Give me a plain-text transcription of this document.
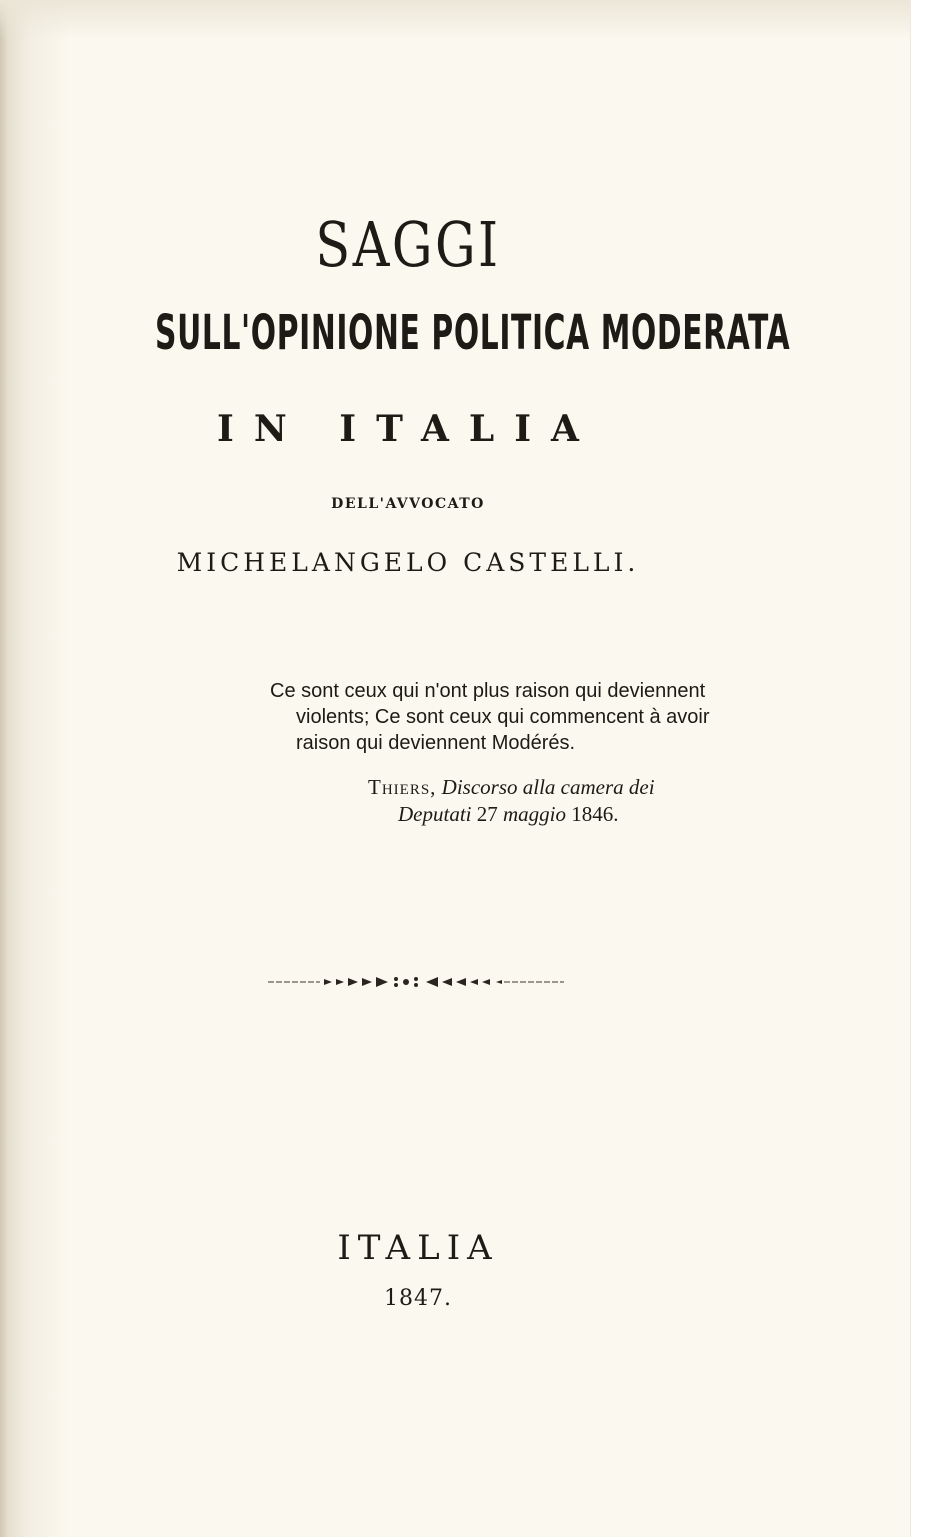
SAGGI
SULL'OPINIONE POLITICA MODERATA
IN ITALIA
DELL'AVVOCATO
MICHELANGELO CASTELLI.
Ce sont ceux qui n'ont plus raison qui deviennent
violents; Ce sont ceux qui commencent à avoir
raison qui deviennent Modérés.
Thiers, Discorso alla camera dei
Deputati 27 maggio 1846.
ITALIA
1847.
